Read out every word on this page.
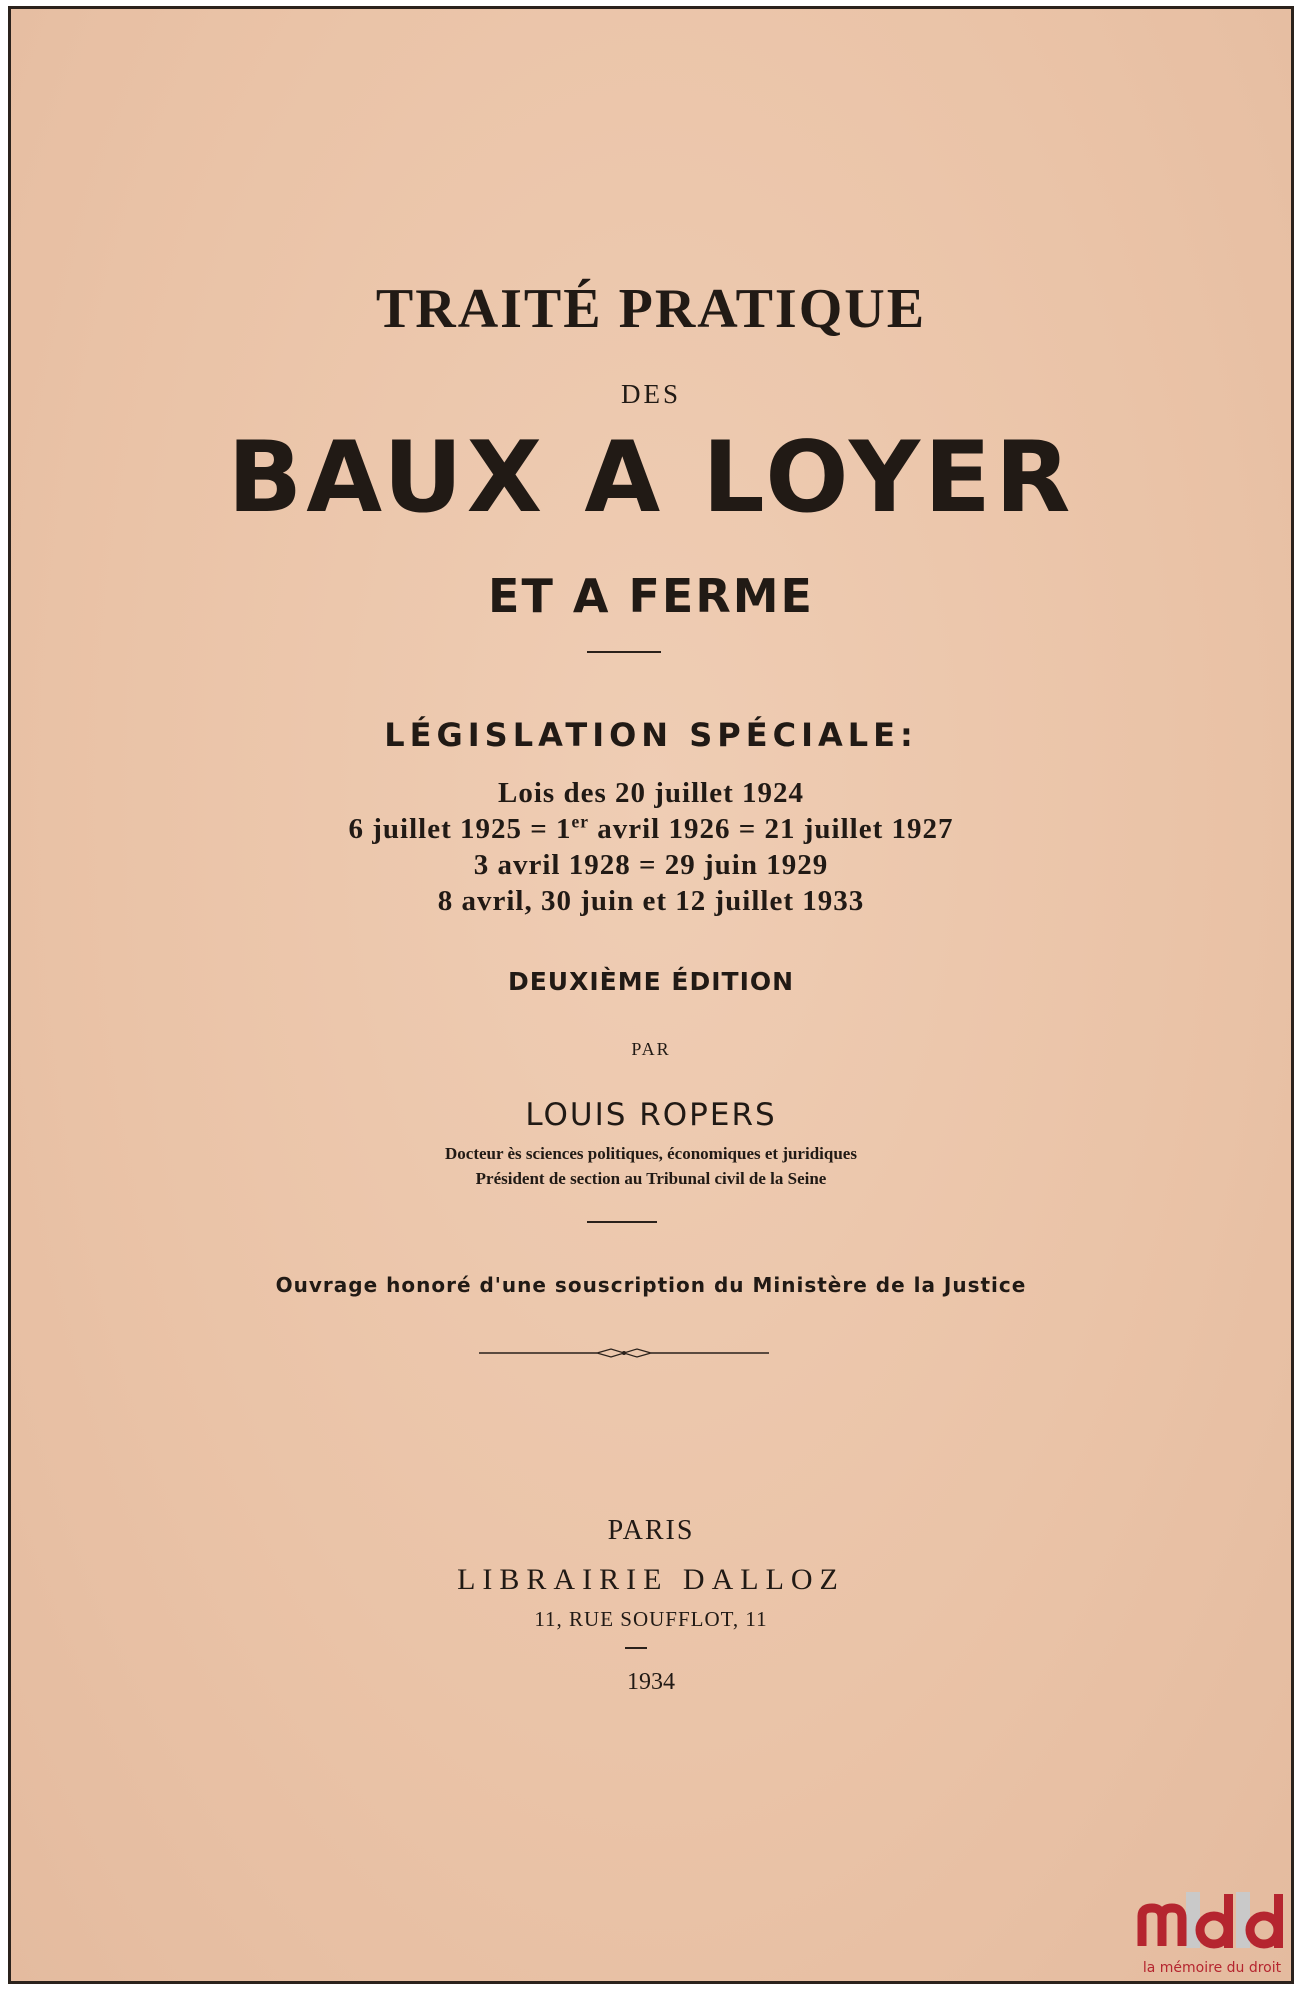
TRAITÉ PRATIQUE
DES
BAUX A LOYER
ET A FERME
LÉGISLATION SPÉCIALE:
Lois des 20 juillet 1924
6 juillet 1925 = 1er avril 1926 = 21 juillet 1927
3 avril 1928 = 29 juin 1929
8 avril, 30 juin et 12 juillet 1933
DEUXIÈME ÉDITION
PAR
LOUIS ROPERS
Docteur ès sciences politiques, économiques et juridiques
Président de section au Tribunal civil de la Seine
Ouvrage honoré d'une souscription du Ministère de la Justice
PARIS
LIBRAIRIE DALLOZ
11, RUE SOUFFLOT, 11
1934
la mémoire du droit
